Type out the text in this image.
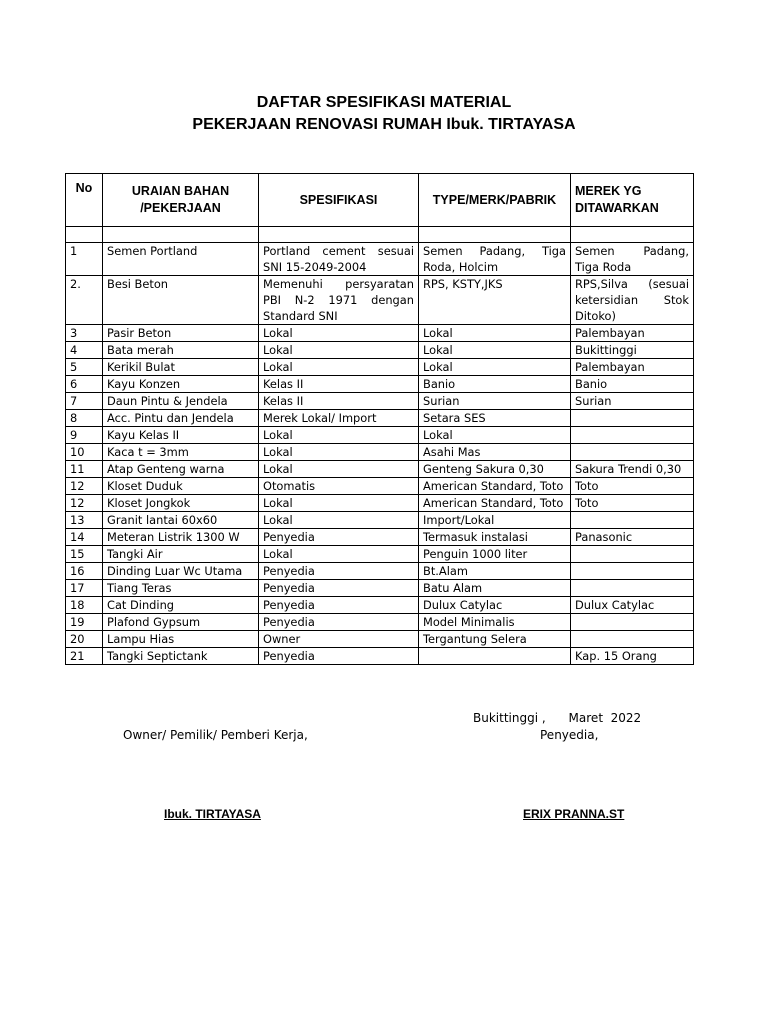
DAFTAR SPESIFIKASI MATERIAL
PEKERJAAN RENOVASI RUMAH Ibuk. TIRTAYASA
No	URAIAN BAHAN /PEKERJAAN	SPESIFIKASI	TYPE/MERK/PABRIK	MEREK YG DITAWARKAN

1	Semen Portland	Portland cement sesuai SNI 15-2049-2004	Semen Padang, Tiga Roda, Holcim	Semen Padang, Tiga Roda
2.	Besi Beton	Memenuhi persyaratan PBI N-2 1971 dengan Standard SNI	RPS, KSTY,JKS	RPS,Silva (sesuai ketersidian Stok Ditoko)
3	Pasir Beton	Lokal	Lokal	Palembayan
4	Bata merah	Lokal	Lokal	Bukittinggi
5	Kerikil Bulat	Lokal	Lokal	Palembayan
6	Kayu Konzen	Kelas II	Banio	Banio
7	Daun Pintu & Jendela	Kelas II	Surian	Surian
8	Acc. Pintu dan Jendela	Merek Lokal/ Import	Setara SES	
9	Kayu Kelas II	Lokal	Lokal	
10	Kaca t = 3mm	Lokal	Asahi Mas	
11	Atap Genteng warna	Lokal	Genteng Sakura 0,30	Sakura Trendi 0,30
12	Kloset Duduk	Otomatis	American Standard, Toto	Toto
12	Kloset Jongkok	Lokal	American Standard, Toto	Toto
13	Granit lantai 60x60	Lokal	Import/Lokal	
14	Meteran Listrik 1300 W	Penyedia	Termasuk instalasi	Panasonic
15	Tangki Air	Lokal	Penguin 1000 liter	
16	Dinding Luar Wc Utama	Penyedia	Bt.Alam	
17	Tiang Teras	Penyedia	Batu Alam	
18	Cat Dinding	Penyedia	Dulux Catylac	Dulux Catylac
19	Plafond Gypsum	Penyedia	Model Minimalis	
20	Lampu Hias	Owner	Tergantung Selera	
21	Tangki Septictank	Penyedia		Kap. 15 Orang
Bukittinggi ,      Maret  2022
Owner/ Pemilik/ Pemberi Kerja,	Penyedia,
Ibuk. TIRTAYASA	ERIX PRANNA.ST
